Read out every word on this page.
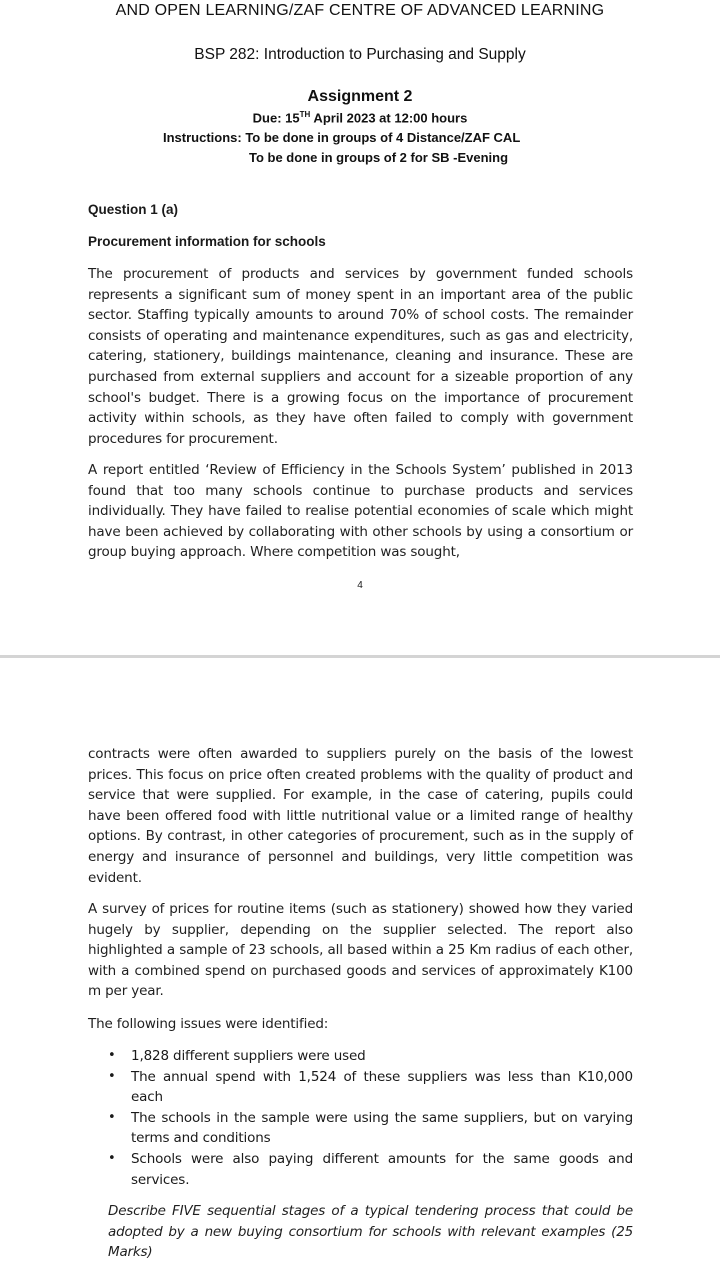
AND OPEN LEARNING/ZAF CENTRE OF ADVANCED LEARNING
BSP 282: Introduction to Purchasing and Supply
Assignment 2
Due: 15TH April 2023 at 12:00 hours
Instructions: To be done in groups of 4 Distance/ZAF CAL
To be done in groups of 2 for SB -Evening
Question 1 (a)
Procurement information for schools
The procurement of products and services by government funded schools represents a significant sum of money spent in an important area of the public sector. Staffing typically amounts to around 70% of school costs. The remainder consists of operating and maintenance expenditures, such as gas and electricity, catering, stationery, buildings maintenance, cleaning and insurance. These are purchased from external suppliers and account for a sizeable proportion of any school's budget. There is a growing focus on the importance of procurement activity within schools, as they have often failed to comply with government procedures for procurement.
A report entitled ‘Review of Efficiency in the Schools System’ published in 2013 found that too many schools continue to purchase products and services individually. They have failed to realise potential economies of scale which might have been achieved by collaborating with other schools by using a consortium or group buying approach. Where competition was sought,
4
contracts were often awarded to suppliers purely on the basis of the lowest prices. This focus on price often created problems with the quality of product and service that were supplied. For example, in the case of catering, pupils could have been offered food with little nutritional value or a limited range of healthy options. By contrast, in other categories of procurement, such as in the supply of energy and insurance of personnel and buildings, very little competition was evident.
A survey of prices for routine items (such as stationery) showed how they varied hugely by supplier, depending on the supplier selected. The report also highlighted a sample of 23 schools, all based within a 25 Km radius of each other, with a combined spend on purchased goods and services of approximately K100 m per year.
The following issues were identified:
• 1,828 different suppliers were used
• The annual spend with 1,524 of these suppliers was less than K10,000 each
• The schools in the sample were using the same suppliers, but on varying terms and conditions
• Schools were also paying different amounts for the same goods and services.
Describe FIVE sequential stages of a typical tendering process that could be adopted by a new buying consortium for schools with relevant examples (25 Marks)
